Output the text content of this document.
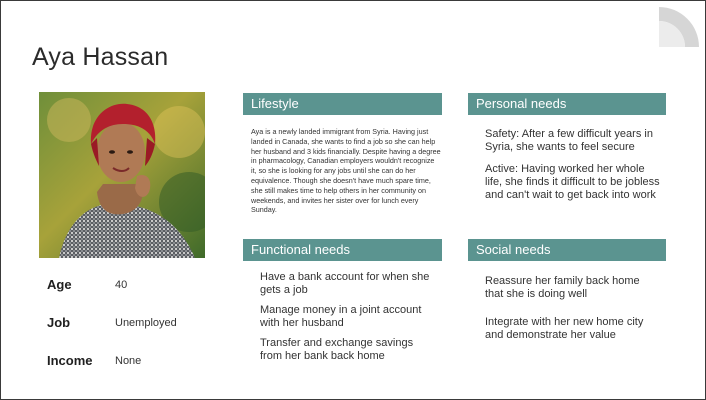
Aya Hassan
Age	40
Job	Unemployed
Income None
Lifestyle
Aya is a newly landed immigrant from Syria. Having just landed in Canada, she wants to find a job so she can help her husband and 3 kids financially. Despite having a degree in pharmacology, Canadian employers wouldn't recognize it, so she is looking for any jobs until she can do her equivalence. Though she doesn't have much spare time, she still makes time to help others in her community on weekends, and invites her sister over for lunch every Sunday.
Personal needs
Safety: After a few difficult years in Syria, she wants to feel secure
Active: Having worked her whole life, she finds it difficult to be jobless and can't wait to get back into work
Functional needs
Have a bank account for when she gets a job
Manage money in a joint account with her husband
Transfer and exchange savings from her bank back home
Social needs
Reassure her family back home that she is doing well
Integrate with her new home city and demonstrate her value
